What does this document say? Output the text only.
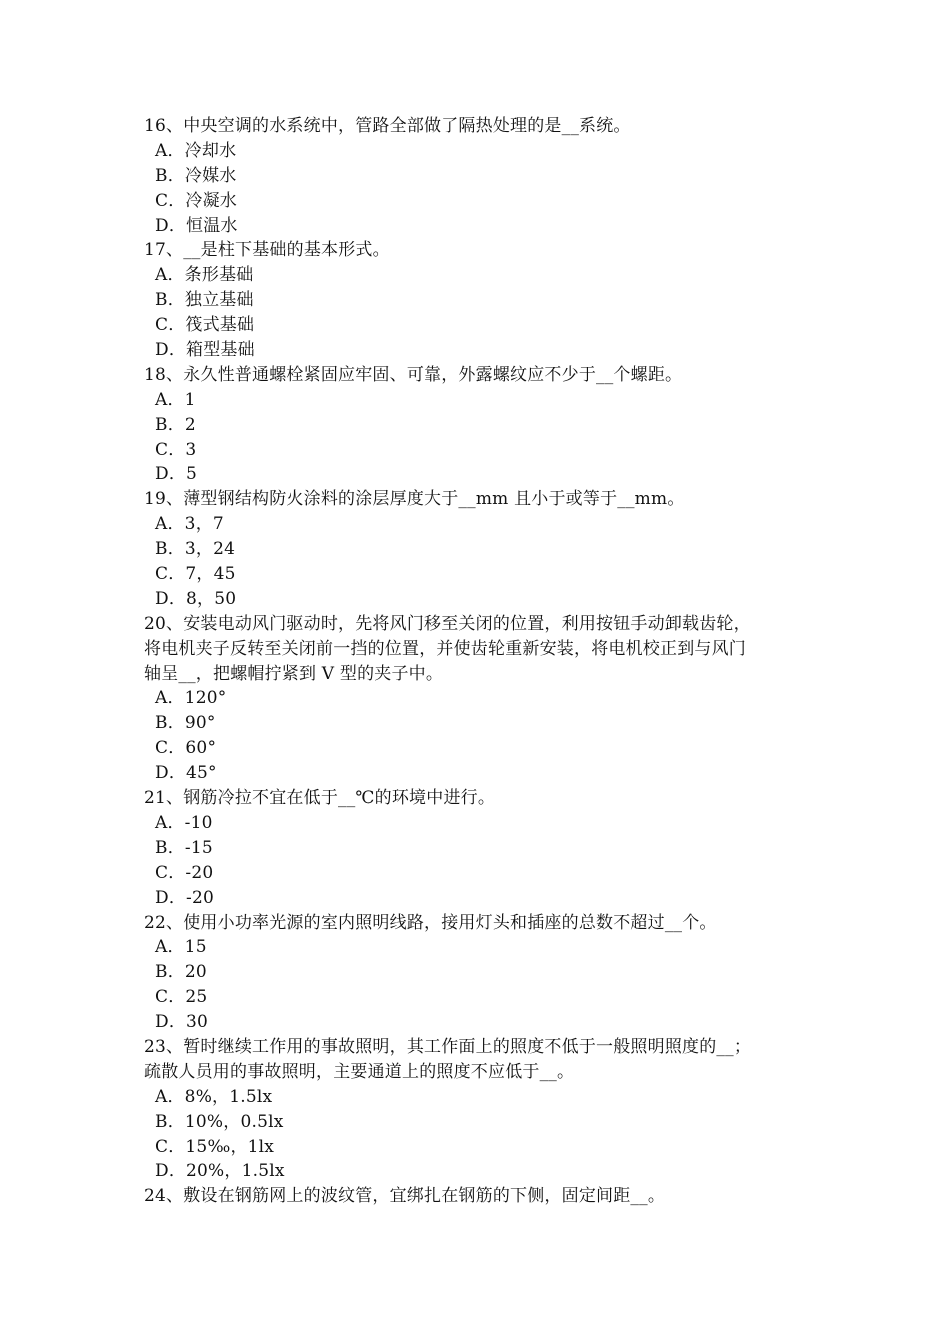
16、中央空调的水系统中，管路全部做了隔热处理的是__系统。
A．冷却水
B．冷媒水
C．冷凝水
D．恒温水
17、__是柱下基础的基本形式。
A．条形基础
B．独立基础
C．筏式基础
D．箱型基础
18、永久性普通螺栓紧固应牢固、可靠，外露螺纹应不少于__个螺距。
A．1
B．2
C．3
D．5
19、薄型钢结构防火涂料的涂层厚度大于__mm 且小于或等于__mm。
A．3，7
B．3，24
C．7，45
D．8，50
20、安装电动风门驱动时，先将风门移至关闭的位置，利用按钮手动卸载齿轮，
将电机夹子反转至关闭前一挡的位置，并使齿轮重新安装，将电机校正到与风门
轴呈__，把螺帽拧紧到 V 型的夹子中。
A．120°
B．90°
C．60°
D．45°
21、钢筋冷拉不宜在低于__℃的环境中进行。
A．-10
B．-15
C．-20
D．-20
22、使用小功率光源的室内照明线路，接用灯头和插座的总数不超过__个。
A．15
B．20
C．25
D．30
23、暂时继续工作用的事故照明，其工作面上的照度不低于一般照明照度的__；
疏散人员用的事故照明，主要通道上的照度不应低于__。
A．8%，1.5lx
B．10%，0.5lx
C．15‰，1lx
D．20%，1.5lx
24、敷设在钢筋网上的波纹管，宜绑扎在钢筋的下侧，固定间距__。
